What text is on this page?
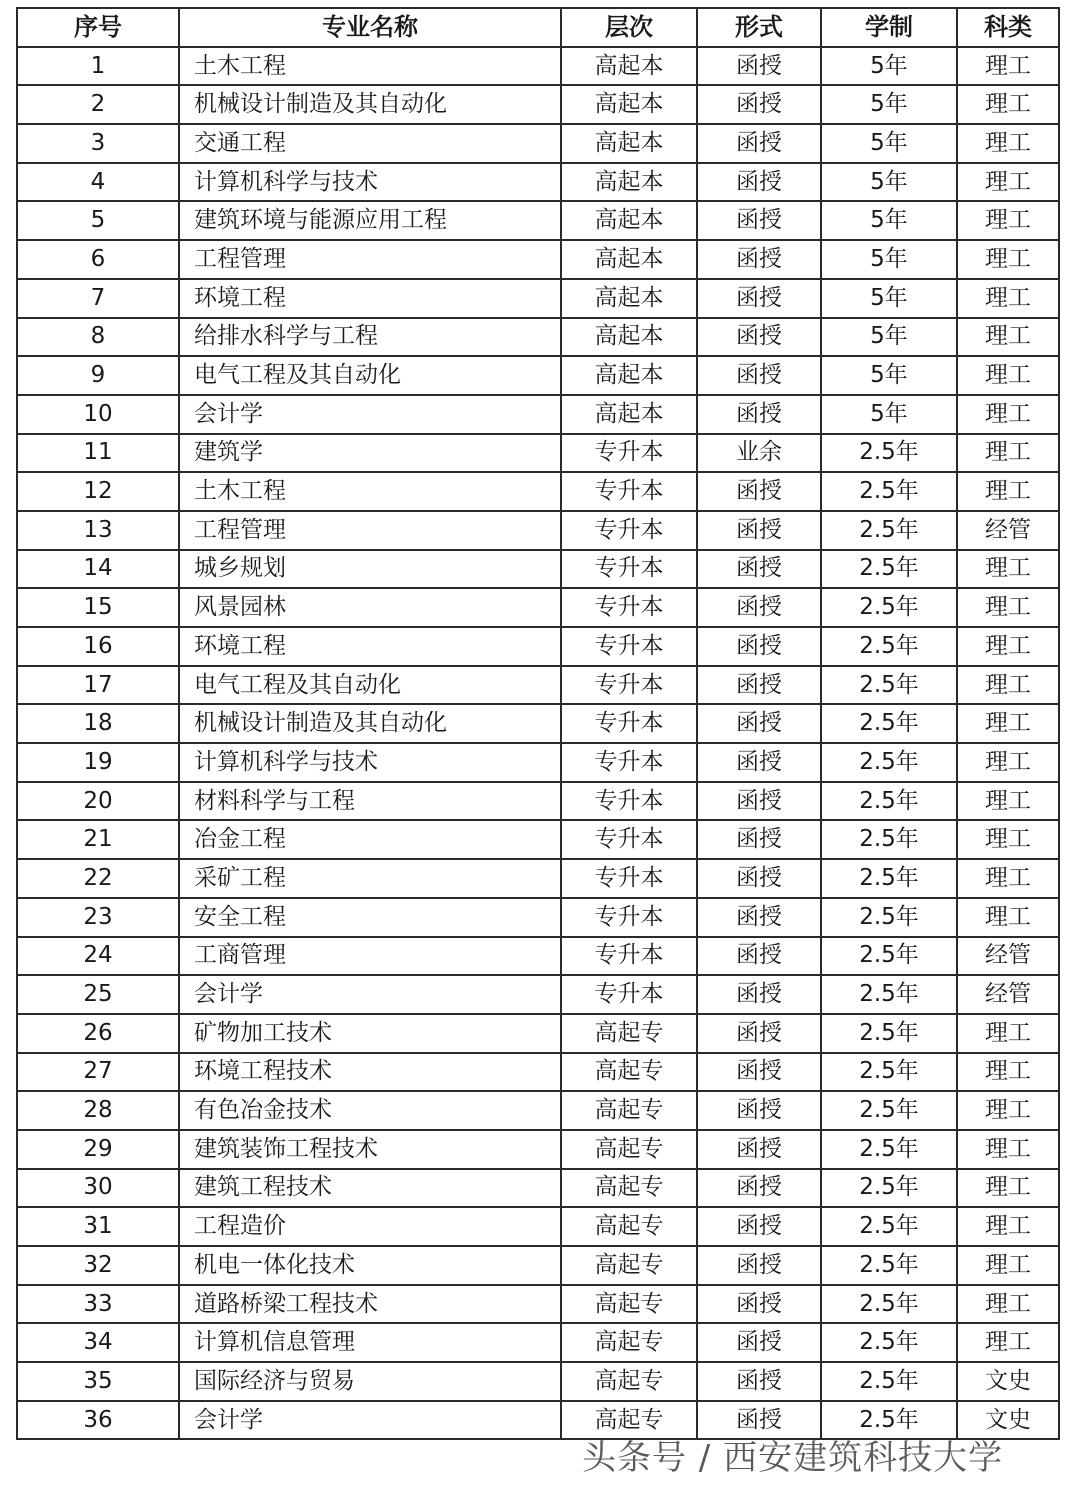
序号	专业名称	层次	形式	学制	科类
1	土木工程	高起本	函授	5年	理工
2	机械设计制造及其自动化	高起本	函授	5年	理工
3	交通工程	高起本	函授	5年	理工
4	计算机科学与技术	高起本	函授	5年	理工
5	建筑环境与能源应用工程	高起本	函授	5年	理工
6	工程管理	高起本	函授	5年	理工
7	环境工程	高起本	函授	5年	理工
8	给排水科学与工程	高起本	函授	5年	理工
9	电气工程及其自动化	高起本	函授	5年	理工
10	会计学	高起本	函授	5年	理工
11	建筑学	专升本	业余	2.5年	理工
12	土木工程	专升本	函授	2.5年	理工
13	工程管理	专升本	函授	2.5年	经管
14	城乡规划	专升本	函授	2.5年	理工
15	风景园林	专升本	函授	2.5年	理工
16	环境工程	专升本	函授	2.5年	理工
17	电气工程及其自动化	专升本	函授	2.5年	理工
18	机械设计制造及其自动化	专升本	函授	2.5年	理工
19	计算机科学与技术	专升本	函授	2.5年	理工
20	材料科学与工程	专升本	函授	2.5年	理工
21	冶金工程	专升本	函授	2.5年	理工
22	采矿工程	专升本	函授	2.5年	理工
23	安全工程	专升本	函授	2.5年	理工
24	工商管理	专升本	函授	2.5年	经管
25	会计学	专升本	函授	2.5年	经管
26	矿物加工技术	高起专	函授	2.5年	理工
27	环境工程技术	高起专	函授	2.5年	理工
28	有色冶金技术	高起专	函授	2.5年	理工
29	建筑装饰工程技术	高起专	函授	2.5年	理工
30	建筑工程技术	高起专	函授	2.5年	理工
31	工程造价	高起专	函授	2.5年	理工
32	机电一体化技术	高起专	函授	2.5年	理工
33	道路桥梁工程技术	高起专	函授	2.5年	理工
34	计算机信息管理	高起专	函授	2.5年	理工
35	国际经济与贸易	高起专	函授	2.5年	文史
36	会计学	高起专	函授	2.5年	文史
头条号 / 西安建筑科技大学
